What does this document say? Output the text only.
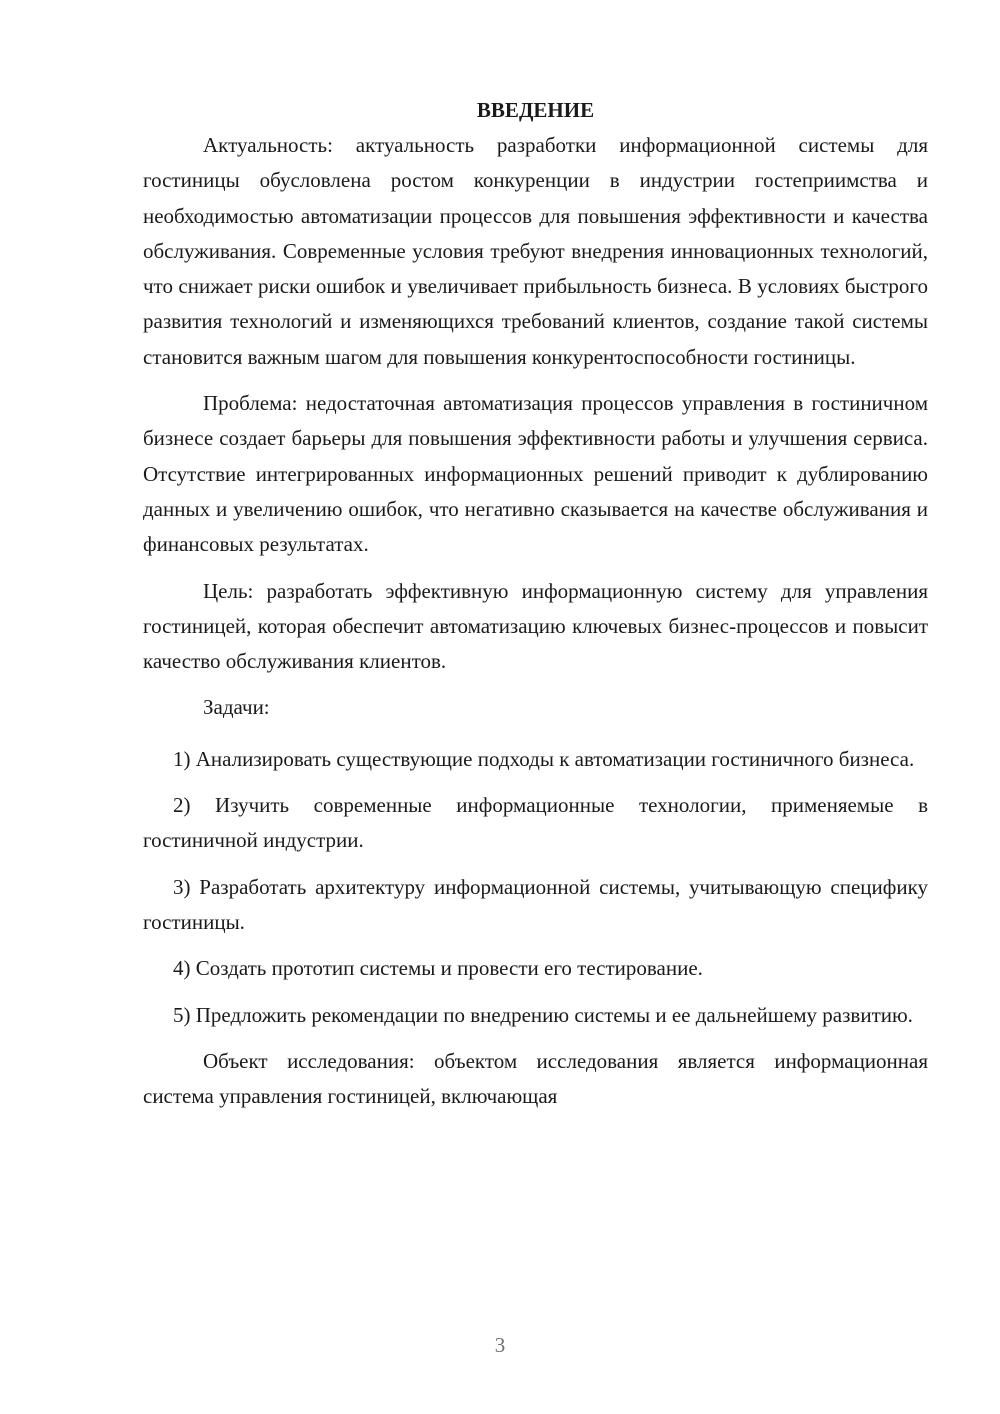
ВВЕДЕНИЕ

Актуальность: актуальность разработки информационной системы для гостиницы обусловлена ростом конкуренции в индустрии гостеприимства и необходимостью автоматизации процессов для повышения эффективности и качества обслуживания. Современные условия требуют внедрения инновационных технологий, что снижает риски ошибок и увеличивает прибыльность бизнеса. В условиях быстрого развития технологий и изменяющихся требований клиентов, создание такой системы становится важным шагом для повышения конкурентоспособности гостиницы.

Проблема: недостаточная автоматизация процессов управления в гостиничном бизнесе создает барьеры для повышения эффективности работы и улучшения сервиса. Отсутствие интегрированных информационных решений приводит к дублированию данных и увеличению ошибок, что негативно сказывается на качестве обслуживания и финансовых результатах.

Цель: разработать эффективную информационную систему для управления гостиницей, которая обеспечит автоматизацию ключевых бизнес-процессов и повысит качество обслуживания клиентов.

Задачи:

1) Анализировать существующие подходы к автоматизации гостиничного бизнеса.

2) Изучить современные информационные технологии, применяемые в гостиничной индустрии.

3) Разработать архитектуру информационной системы, учитывающую специфику гостиницы.

4) Создать прототип системы и провести его тестирование.

5) Предложить рекомендации по внедрению системы и ее дальнейшему развитию.

Объект исследования: объектом исследования является информационная система управления гостиницей, включающая

3
